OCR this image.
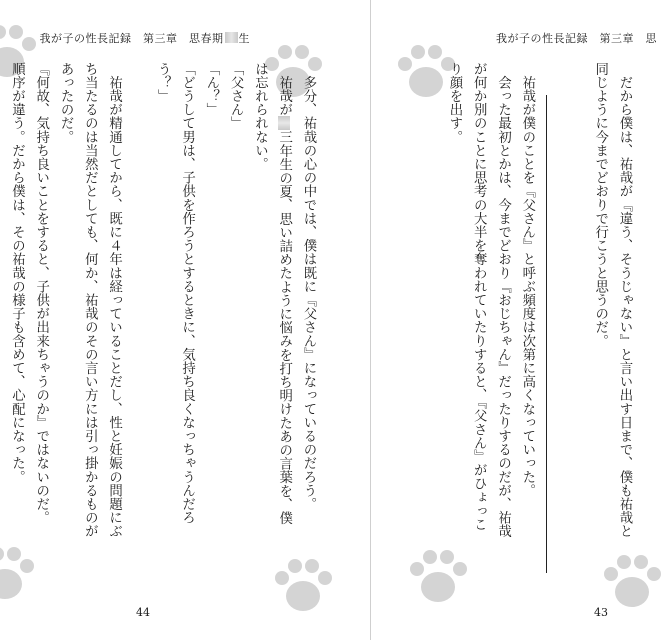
我が子の性長記録　第三章　思春期 生
　多分、祐哉の心の中では、僕は既に『父さん』になっているのだろう。
　祐哉が三年生の夏、思い詰めたように悩みを打ち明けたあの言葉を、僕
は忘れられない。
「父さん」
「ん？」
「どうして男は、子供を作ろうとするときに、気持ち良くなっちゃうんだろ
う？」

　祐哉が精通してから、既に４年は経っていることだし、性と妊娠の問題にぶ
ち当たるのは当然だとしても、何か、祐哉のその言い方には引っ掛かるものが
あったのだ。
『何故、気持ち良いことをすると、子供が出来ちゃうのか』ではないのだ。
順序が違う。だから僕は、その祐哉の様子も含めて、心配になった。
44
我が子の性長記録　第三章　思
　だから僕は、祐哉が『違う、そうじゃない』と言い出す日まで、僕も祐哉と
同じように今までどおりで行こうと思うのだ。

　祐哉が僕のことを『父さん』と呼ぶ頻度は次第に高くなっていった。
　会った最初とかは、今までどおり『おじちゃん』だったりするのだが、祐哉
が何か別のことに思考の大半を奪われていたりすると、『父さん』がひょっこ
り顔を出す。
43
